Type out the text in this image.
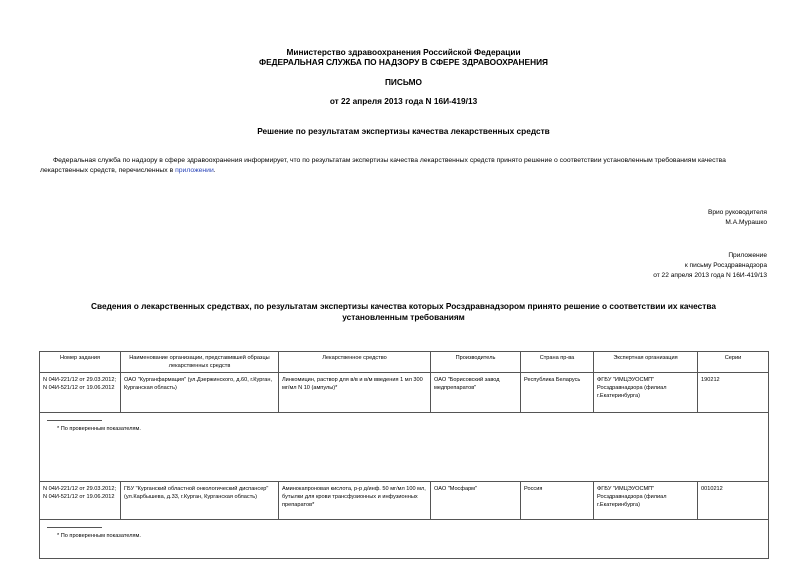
Министерство здравоохранения Российской Федерации
ФЕДЕРАЛЬНАЯ СЛУЖБА ПО НАДЗОРУ В СФЕРЕ ЗДРАВООХРАНЕНИЯ
ПИСЬМО
от 22 апреля 2013 года N 16И-419/13
Решение по результатам экспертизы качества лекарственных средств
Федеральная служба по надзору в сфере здравоохранения информирует, что по результатам экспертизы качества лекарственных средств принято решение о соответствии установленным требованиям качества лекарственных средств, перечисленных в приложении.
Врио руководителя
М.А.Мурашко
Приложение
к письму Росздравнадзора
от 22 апреля 2013 года N 16И-419/13
Сведения о лекарственных средствах, по результатам экспертизы качества которых Росздравнадзором принято решение о соответствии их качества установленным требованиям
Номер задания	Наименование организации, представившей образцы лекарственных средств	Лекарственное средство	Производитель	Страна пр-ва	Экспертная организация	Серии
N 04И-221/12 от 29.03.2012; N 04И-521/12 от 19.06.2012	ОАО "Курганфармация" (ул.Дзержинского, д.60, г.Курган, Курганская область)	Линкомицин, раствор для в/в и в/м введения 1 мл 300 мг/мл N 10 (ампулы)*	ОАО "Борисовский завод медпрепаратов"	Республика Беларусь	ФГБУ "ИМЦЭУОСМП" Росздравнадзора (филиал г.Екатеринбурга)	190212

* По проверенным показателям.						

N 04И-221/12 от 29.03.2012; N 04И-521/12 от 19.06.2012	ГБУ "Курганский областной онкологический диспансер" (ул.Карбышева, д.33, г.Курган, Курганская область)	Аминокапроновая кислота, р-р д/инф. 50 мг/мл 100 мл, бутылки для крови трансфузионных и инфузионных препаратов*	ОАО "Мосфарм"	Россия	ФГБУ "ИМЦЭУОСМП" Росздравнадзора (филиал г.Екатеринбурга)	0010212

* По проверенным показателям.						
